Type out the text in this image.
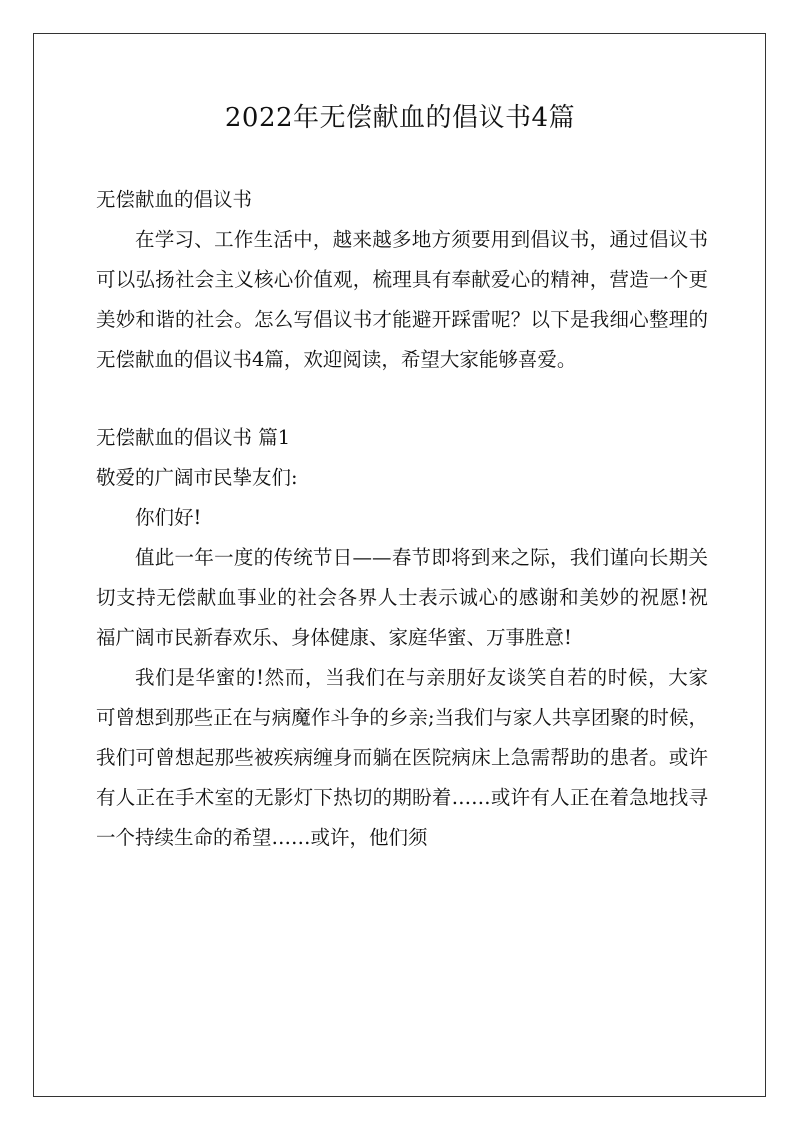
2022年无偿献血的倡议书4篇
无偿献血的倡议书

在学习、工作生活中，越来越多地方须要用到倡议书，通过倡议书可以弘扬社会主义核心价值观，梳理具有奉献爱心的精神，营造一个更美妙和谐的社会。怎么写倡议书才能避开踩雷呢？以下是我细心整理的无偿献血的倡议书4篇，欢迎阅读，希望大家能够喜爱。

无偿献血的倡议书 篇1
敬爱的广阔市民挚友们:

你们好!

值此一年一度的传统节日——春节即将到来之际，我们谨向长期关切支持无偿献血事业的社会各界人士表示诚心的感谢和美妙的祝愿!祝福广阔市民新春欢乐、身体健康、家庭华蜜、万事胜意!

我们是华蜜的!然而，当我们在与亲朋好友谈笑自若的时候，大家可曾想到那些正在与病魔作斗争的乡亲;当我们与家人共享团聚的时候，我们可曾想起那些被疾病缠身而躺在医院病床上急需帮助的患者。或许有人正在手术室的无影灯下热切的期盼着……或许有人正在着急地找寻一个持续生命的希望……或许，他们须
